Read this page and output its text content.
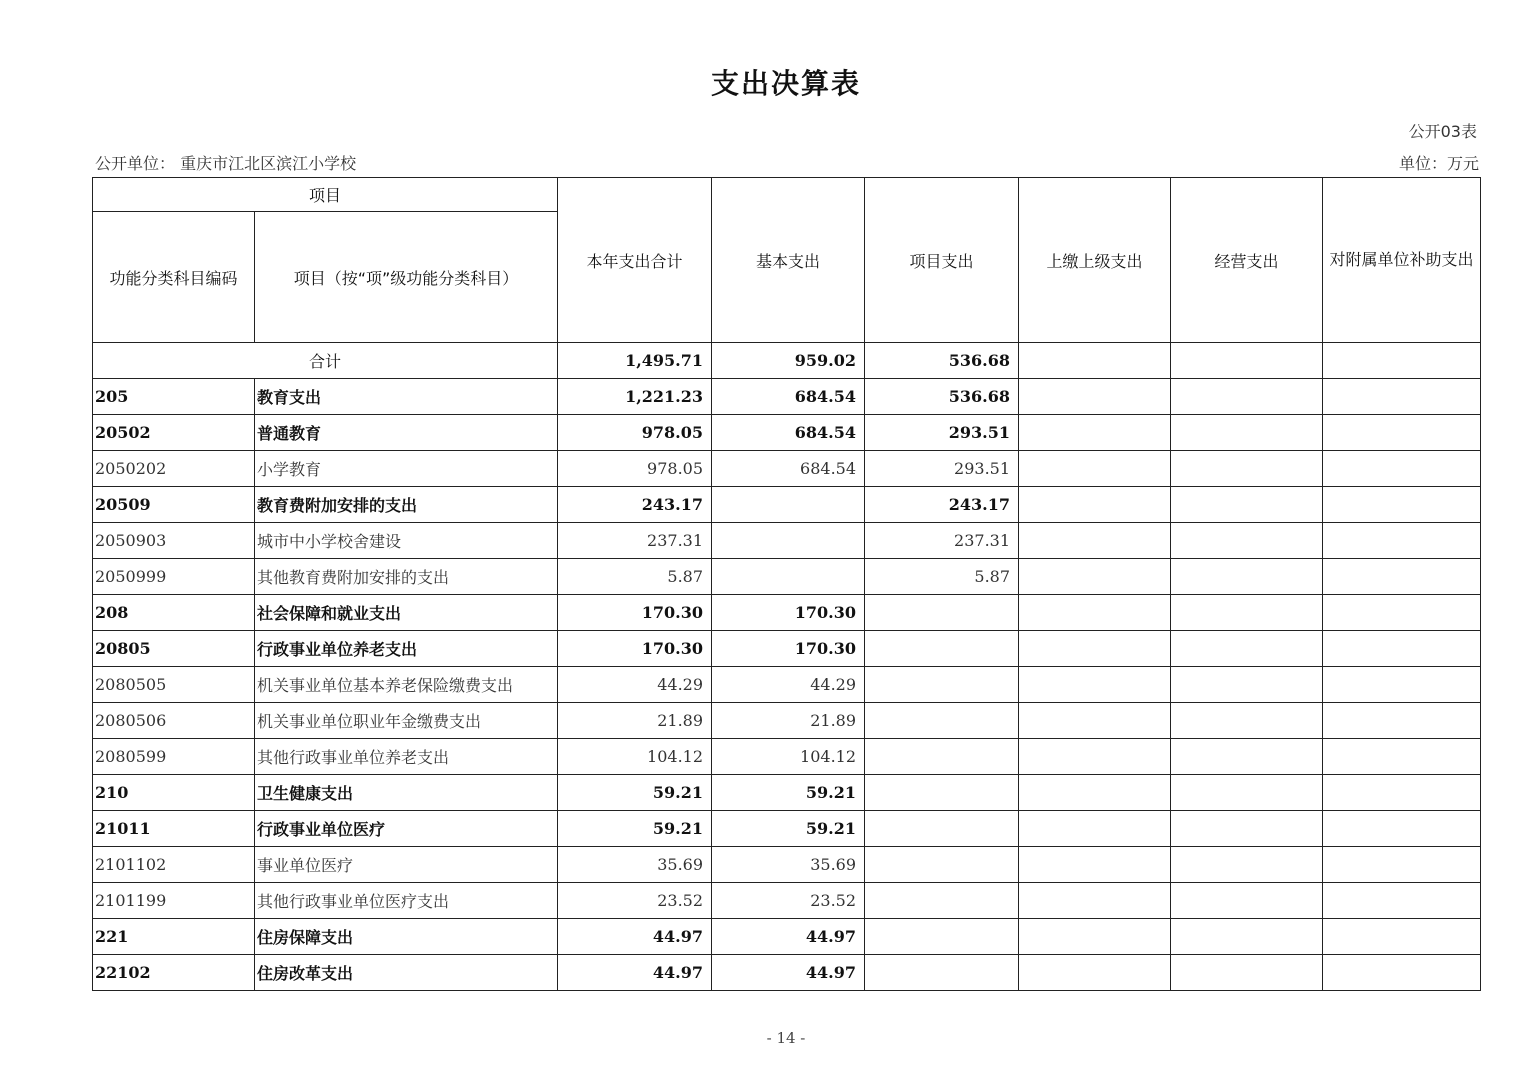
支出决算表
公开03表
公开单位： 重庆市江北区滨江小学校	单位：万元
项目		本年支出合计	基本支出	项目支出	上缴上级支出	经营支出	对附属单位补助支出
功能分类科目编码	项目（按“项”级功能分类科目）						
合计		1,495.71	959.02	536.68			
205	教育支出	1,221.23	684.54	536.68			
20502	普通教育	978.05	684.54	293.51			
2050202	小学教育	978.05	684.54	293.51			
20509	教育费附加安排的支出	243.17		243.17			
2050903	城市中小学校舍建设	237.31		237.31			
2050999	其他教育费附加安排的支出	5.87		5.87			
208	社会保障和就业支出	170.30	170.30				
20805	行政事业单位养老支出	170.30	170.30				
2080505	机关事业单位基本养老保险缴费支出	44.29	44.29				
2080506	机关事业单位职业年金缴费支出	21.89	21.89				
2080599	其他行政事业单位养老支出	104.12	104.12				
210	卫生健康支出	59.21	59.21				
21011	行政事业单位医疗	59.21	59.21				
2101102	事业单位医疗	35.69	35.69				
2101199	其他行政事业单位医疗支出	23.52	23.52				
221	住房保障支出	44.97	44.97				
22102	住房改革支出	44.97	44.97				
- 14 -
